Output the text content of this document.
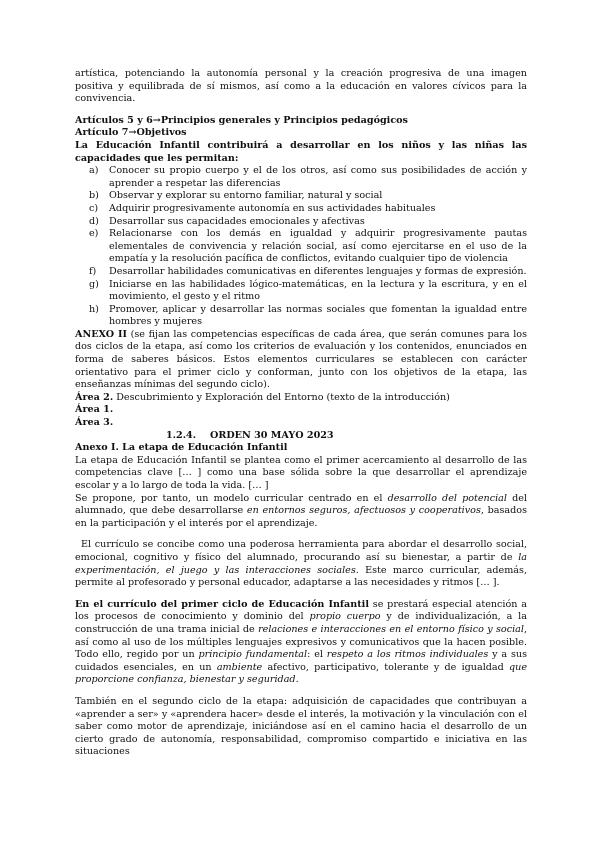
artística, potenciando la autonomía personal y la creación progresiva de una imagen positiva y equilibrada de sí mismos, así como a la educación en valores cívicos para la convivencia.

Artículos 5 y 6→Principios generales y Principios pedagógicos

Artículo 7→Objetivos

La Educación Infantil contribuirá a desarrollar en los niños y las niñas las capacidades que les permitan:

a)	Conocer su propio cuerpo y el de los otros, así como sus posibilidades de acción y aprender a respetar las diferencias
b)	Observar y explorar su entorno familiar, natural y social
c)	Adquirir progresivamente autonomía en sus actividades habituales
d)	Desarrollar sus capacidades emocionales y afectivas
e)	Relacionarse con los demás en igualdad y adquirir progresivamente pautas elementales de convivencia y relación social, así como ejercitarse en el uso de la empatía y la resolución pacífica de conflictos, evitando cualquier tipo de violencia
f)	Desarrollar habilidades comunicativas en diferentes lenguajes y formas de expresión.
g)	Iniciarse en las habilidades lógico-matemáticas, en la lectura y la escritura, y en el movimiento, el gesto y el ritmo
h)	Promover, aplicar y desarrollar las normas sociales que fomentan la igualdad entre hombres y mujeres

ANEXO II (se fijan las competencias específicas de cada área, que serán comunes para los dos ciclos de la etapa, así como los criterios de evaluación y los contenidos, enunciados en forma de saberes básicos. Estos elementos curriculares se establecen con carácter orientativo para el primer ciclo y conforman, junto con los objetivos de la etapa, las enseñanzas mínimas del segundo ciclo).

Área 2. Descubrimiento y Exploración del Entorno (texto de la introducción)

Área 1.

Área 3.

1.2.4. ORDEN 30 MAYO 2023

Anexo I. La etapa de Educación Infantil

La etapa de Educación Infantil se plantea como el primer acercamiento al desarrollo de las competencias clave [… ] como una base sólida sobre la que desarrollar el aprendizaje escolar y a lo largo de toda la vida. [… ]

Se propone, por tanto, un modelo curricular centrado en el desarrollo del potencial del alumnado, que debe desarrollarse en entornos seguros, afectuosos y cooperativos, basados en la participación y el interés por el aprendizaje.

El currículo se concibe como una poderosa herramienta para abordar el desarrollo social, emocional, cognitivo y físico del alumnado, procurando así su bienestar, a partir de la experimentación, el juego y las interacciones sociales. Este marco curricular, además, permite al profesorado y personal educador, adaptarse a las necesidades y ritmos [… ].

En el currículo del primer ciclo de Educación Infantil se prestará especial atención a los procesos de conocimiento y dominio del propio cuerpo y de individualización, a la construcción de una trama inicial de relaciones e interacciones en el entorno físico y social, así como al uso de los múltiples lenguajes expresivos y comunicativos que la hacen posible. Todo ello, regido por un principio fundamental: el respeto a los ritmos individuales y a sus cuidados esenciales, en un ambiente afectivo, participativo, tolerante y de igualdad que proporcione confianza, bienestar y seguridad.

También en el segundo ciclo de la etapa: adquisición de capacidades que contribuyan a «aprender a ser» y «aprendera hacer» desde el interés, la motivación y la vinculación con el saber como motor de aprendizaje, iniciándose así en el camino hacia el desarrollo de un cierto grado de autonomía, responsabilidad, compromiso compartido e iniciativa en las situaciones
